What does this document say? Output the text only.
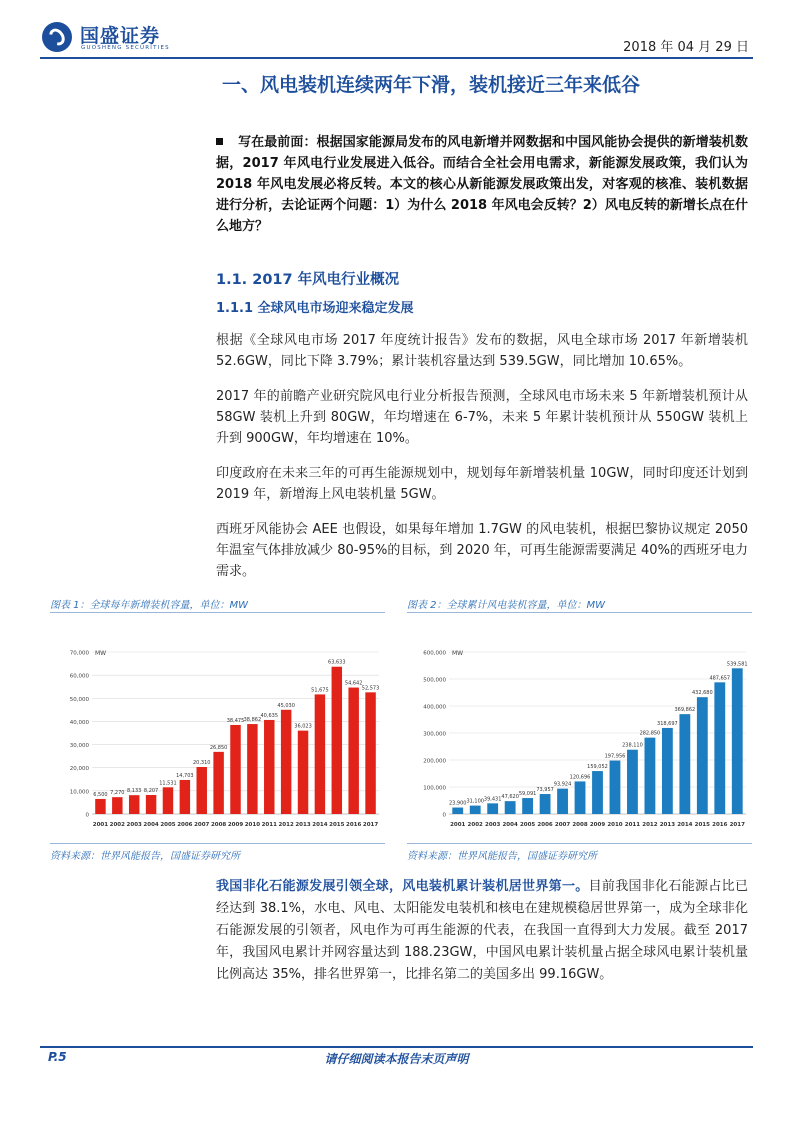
国盛证券
GUOSHENG SECURITIES	2018 年 04 月 29 日
一、风电装机连续两年下滑，装机接近三年来低谷
写在最前面：根据国家能源局发布的风电新增并网数据和中国风能协会提供的新增装机数据，2017 年风电行业发展进入低谷。而结合全社会用电需求，新能源发展政策，我们认为 2018 年风电发展必将反转。本文的核心从新能源发展政策出发，对客观的核准、装机数据进行分析，去论证两个问题：1）为什么 2018 年风电会反转？2）风电反转的新增长点在什么地方？
1.1. 2017 年风电行业概况
1.1.1 全球风电市场迎来稳定发展
根据《全球风电市场 2017 年度统计报告》发布的数据，风电全球市场 2017 年新增装机 52.6GW，同比下降 3.79%；累计装机容量达到 539.5GW，同比增加 10.65%。
2017 年的前瞻产业研究院风电行业分析报告预测，全球风电市场未来 5 年新增装机预计从 58GW 装机上升到 80GW，年均增速在 6-7%，未来 5 年累计装机预计从 550GW 装机上升到 900GW，年均增速在 10%。
印度政府在未来三年的可再生能源规划中，规划每年新增装机量 10GW，同时印度还计划到 2019 年，新增海上风电装机量 5GW。
西班牙风能协会 AEE 也假设，如果每年增加 1.7GW 的风电装机，根据巴黎协议规定 2050 年温室气体排放减少 80-95%的目标，到 2020 年，可再生能源需要满足 40%的西班牙电力需求。
图表 1：全球每年新增装机容量，单位：MW	图表 2：全球累计风电装机容量，单位：MW
0
10,000
20,000
30,000
40,000
50,000
60,000
70,000 MW
6,500
2001
7,270
2002
8,133
2003
8,207
2004
11,531
2005
14,703
2006
20,310
2007
26,850
2008
38,475
2009
38,862
2010
40,635
2011
45,030
2012
36,023
2013
51,675
2014
63,633
2015
54,642
2016
52,573
2017
0
100,000
200,000
300,000
400,000
500,000
600,000 MW
23,900
2001
31,100
2002
39,431
2003
47,620
2004
59,091
2005
73,957
2006
93,924
2007
120,696
2008
159,052
2009
197,956
2010
238,110
2011
282,850
2012
318,697
2013
369,862
2014
432,680
2015
487,657
2016
539,581
2017
资料来源：世界风能报告，国盛证券研究所	资料来源：世界风能报告，国盛证券研究所
我国非化石能源发展引领全球，风电装机累计装机居世界第一。目前我国非化石能源占比已经达到 38.1%，水电、风电、太阳能发电装机和核电在建规模稳居世界第一，成为全球非化石能源发展的引领者，风电作为可再生能源的代表，在我国一直得到大力发展。截至 2017 年，我国风电累计并网容量达到 188.23GW，中国风电累计装机量占据全球风电累计装机量比例高达 35%，排名世界第一，比排名第二的美国多出 99.16GW。
请仔细阅读本报告末页声明
P.5
